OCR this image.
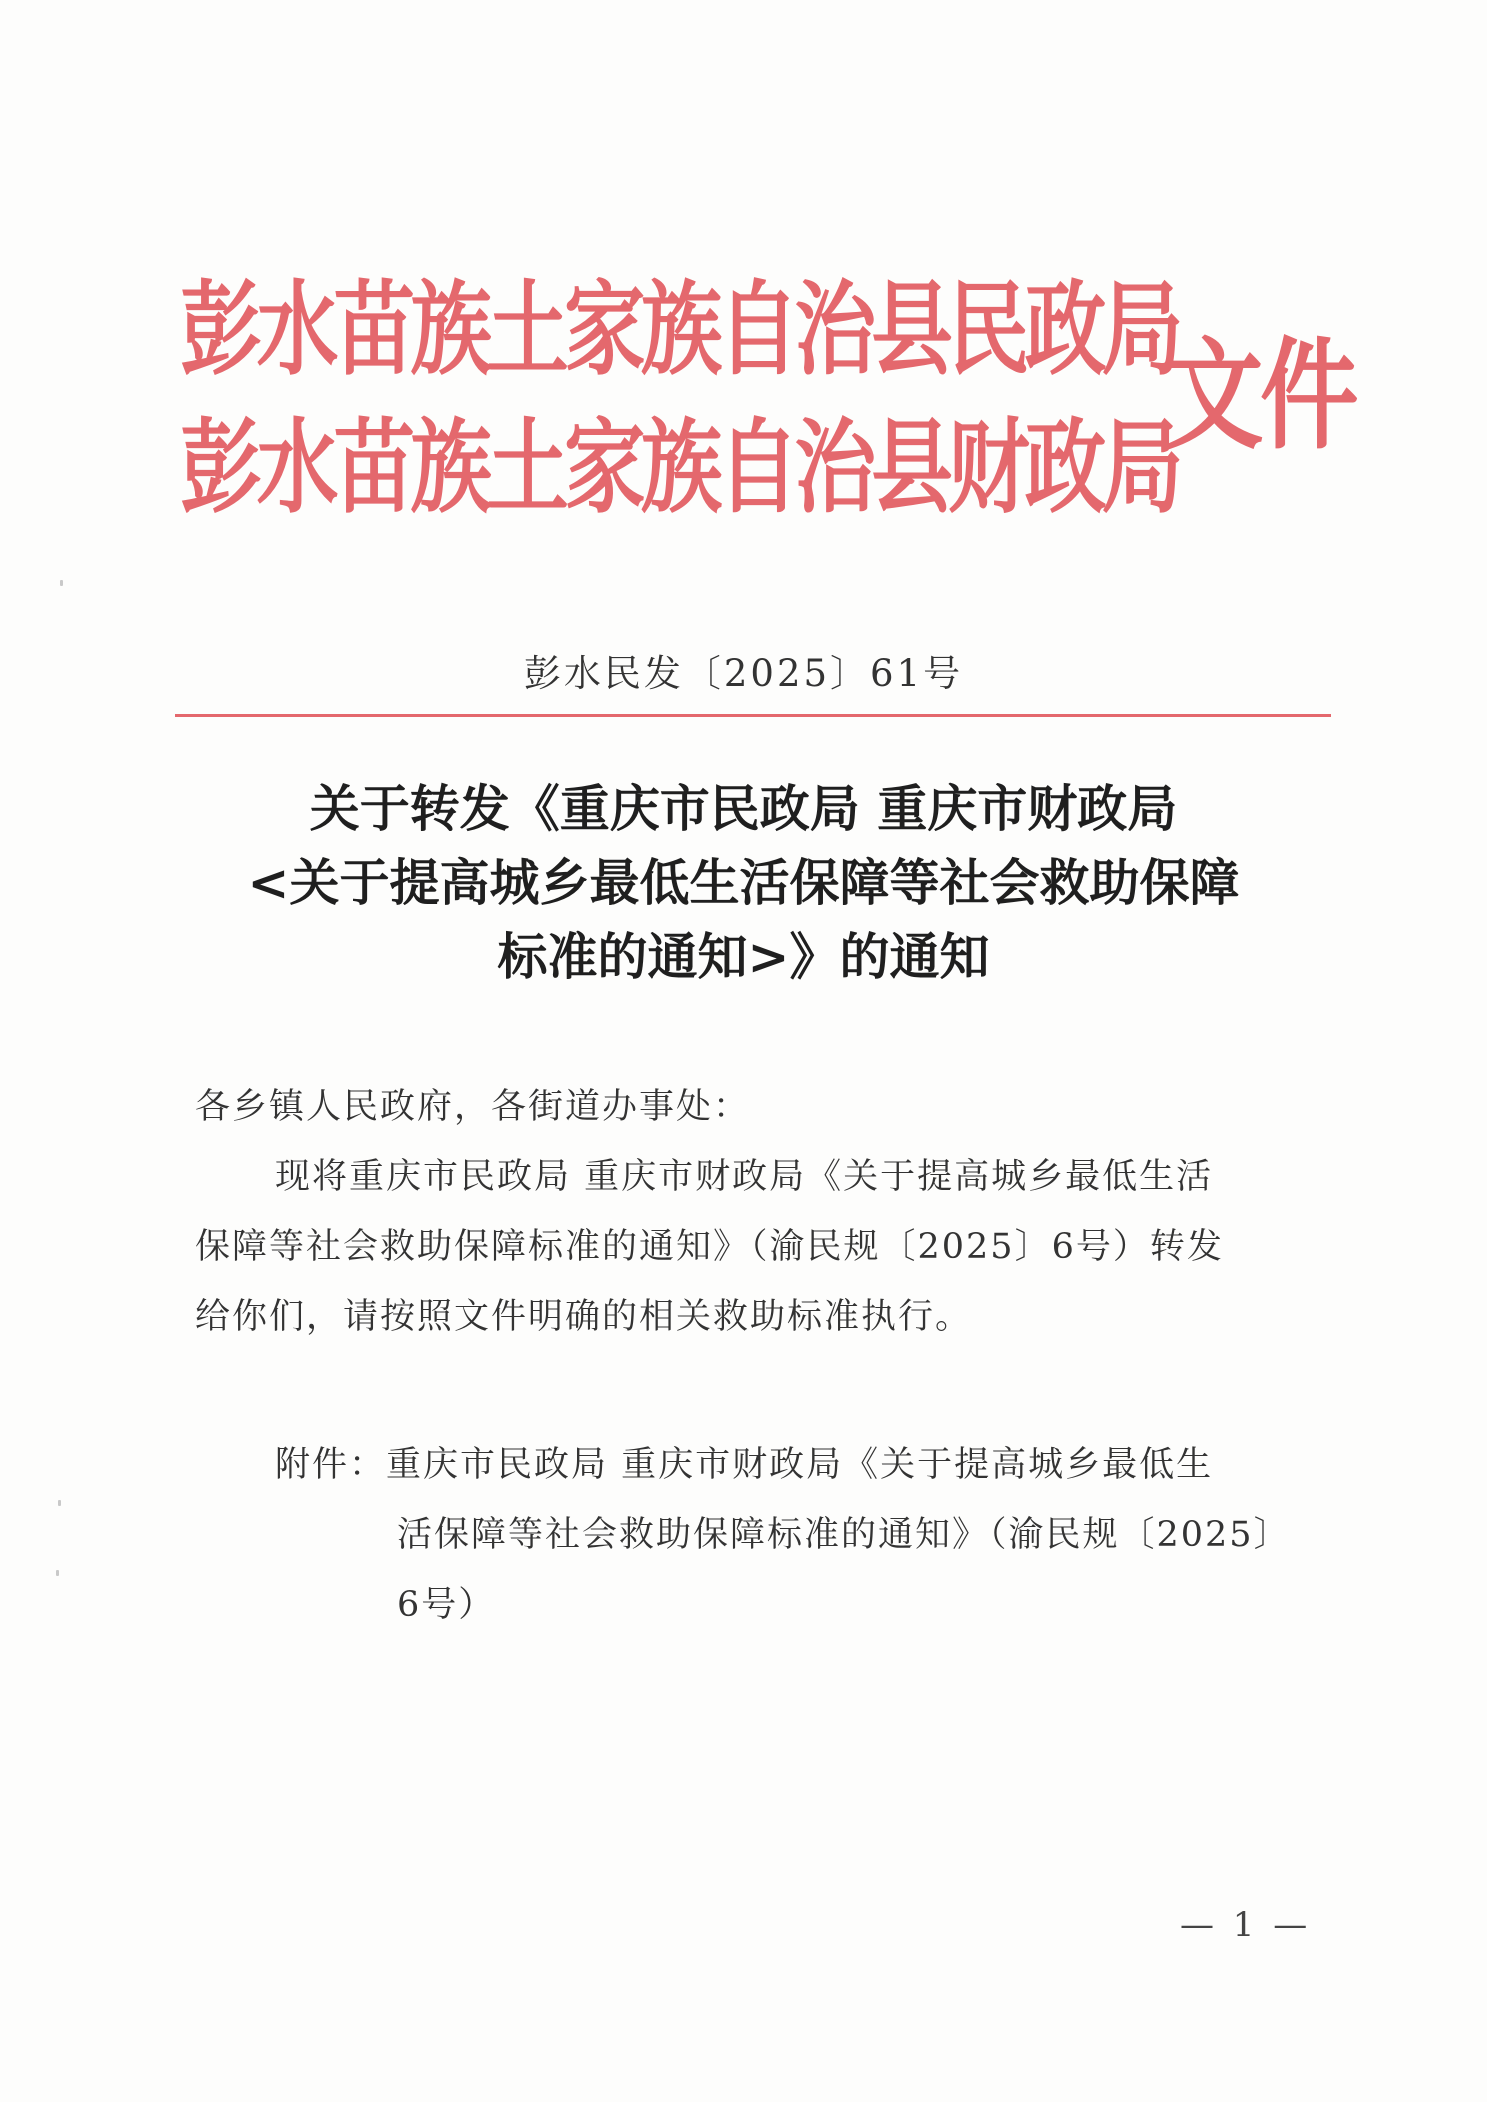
彭水苗族土家族自治县民政局
彭水苗族土家族自治县财政局
文件
彭水民发〔2025〕61号
关于转发《重庆市民政局 重庆市财政局
<关于提高城乡最低生活保障等社会救助保障
标准的通知>》的通知
各乡镇人民政府，各街道办事处：
现将重庆市民政局 重庆市财政局《关于提高城乡最低生活
保障等社会救助保障标准的通知》（渝民规〔2025〕6号）转发
给你们，请按照文件明确的相关救助标准执行。
附件：重庆市民政局 重庆市财政局《关于提高城乡最低生
活保障等社会救助保障标准的通知》（渝民规〔2025〕
6号）
— 1 —
